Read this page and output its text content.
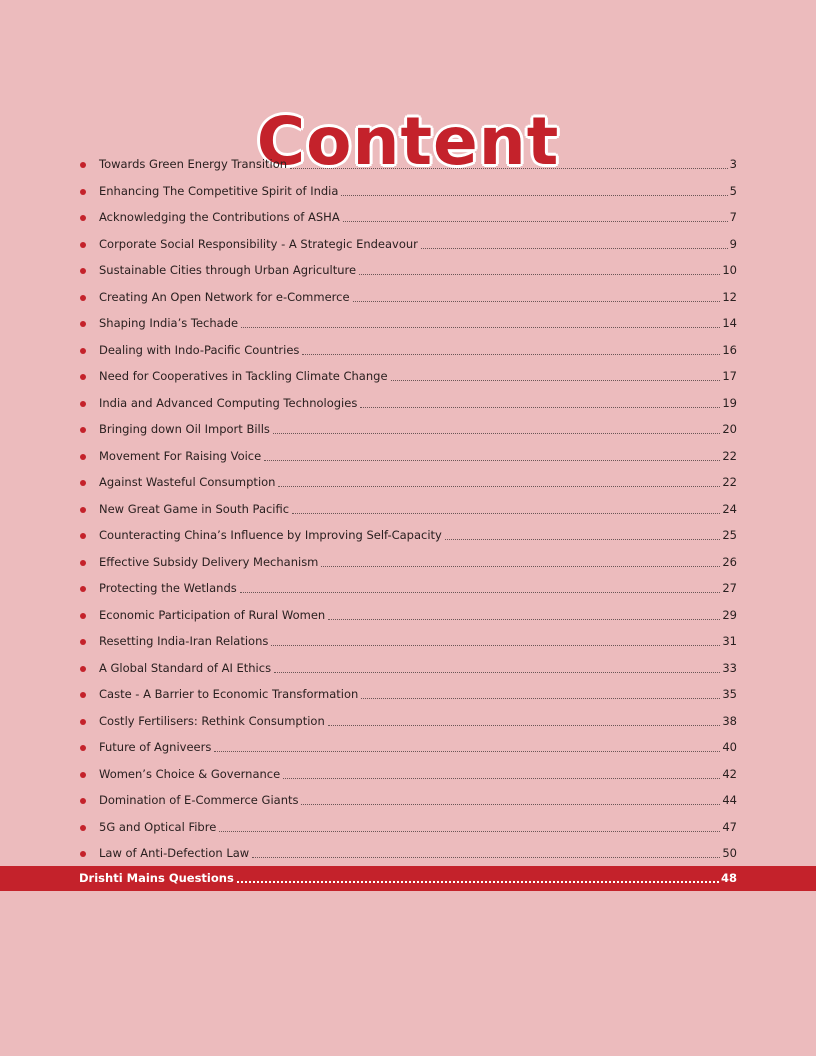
Content
Towards Green Energy Transition	3
Enhancing The Competitive Spirit of India	5
Acknowledging the Contributions of ASHA	7
Corporate Social Responsibility - A Strategic Endeavour	9
Sustainable Cities through Urban Agriculture	10
Creating An Open Network for e-Commerce	12
Shaping India’s Techade	14
Dealing with Indo-Pacific Countries	16
Need for Cooperatives in Tackling Climate Change	17
India and Advanced Computing Technologies	19
Bringing down Oil Import Bills	20
Movement For Raising Voice	22
Against Wasteful Consumption	22
New Great Game in South Pacific	24
Counteracting China’s Influence by Improving Self-Capacity	25
Effective Subsidy Delivery Mechanism	26
Protecting the Wetlands	27
Economic Participation of Rural Women	29
Resetting India-Iran Relations	31
A Global Standard of AI Ethics	33
Caste - A Barrier to Economic Transformation	35
Costly Fertilisers: Rethink Consumption	38
Future of Agniveers	40
Women’s Choice & Governance	42
Domination of E-Commerce Giants	44
5G and Optical Fibre	47
Law of Anti-Defection Law	50
Drishti Mains Questions	48
